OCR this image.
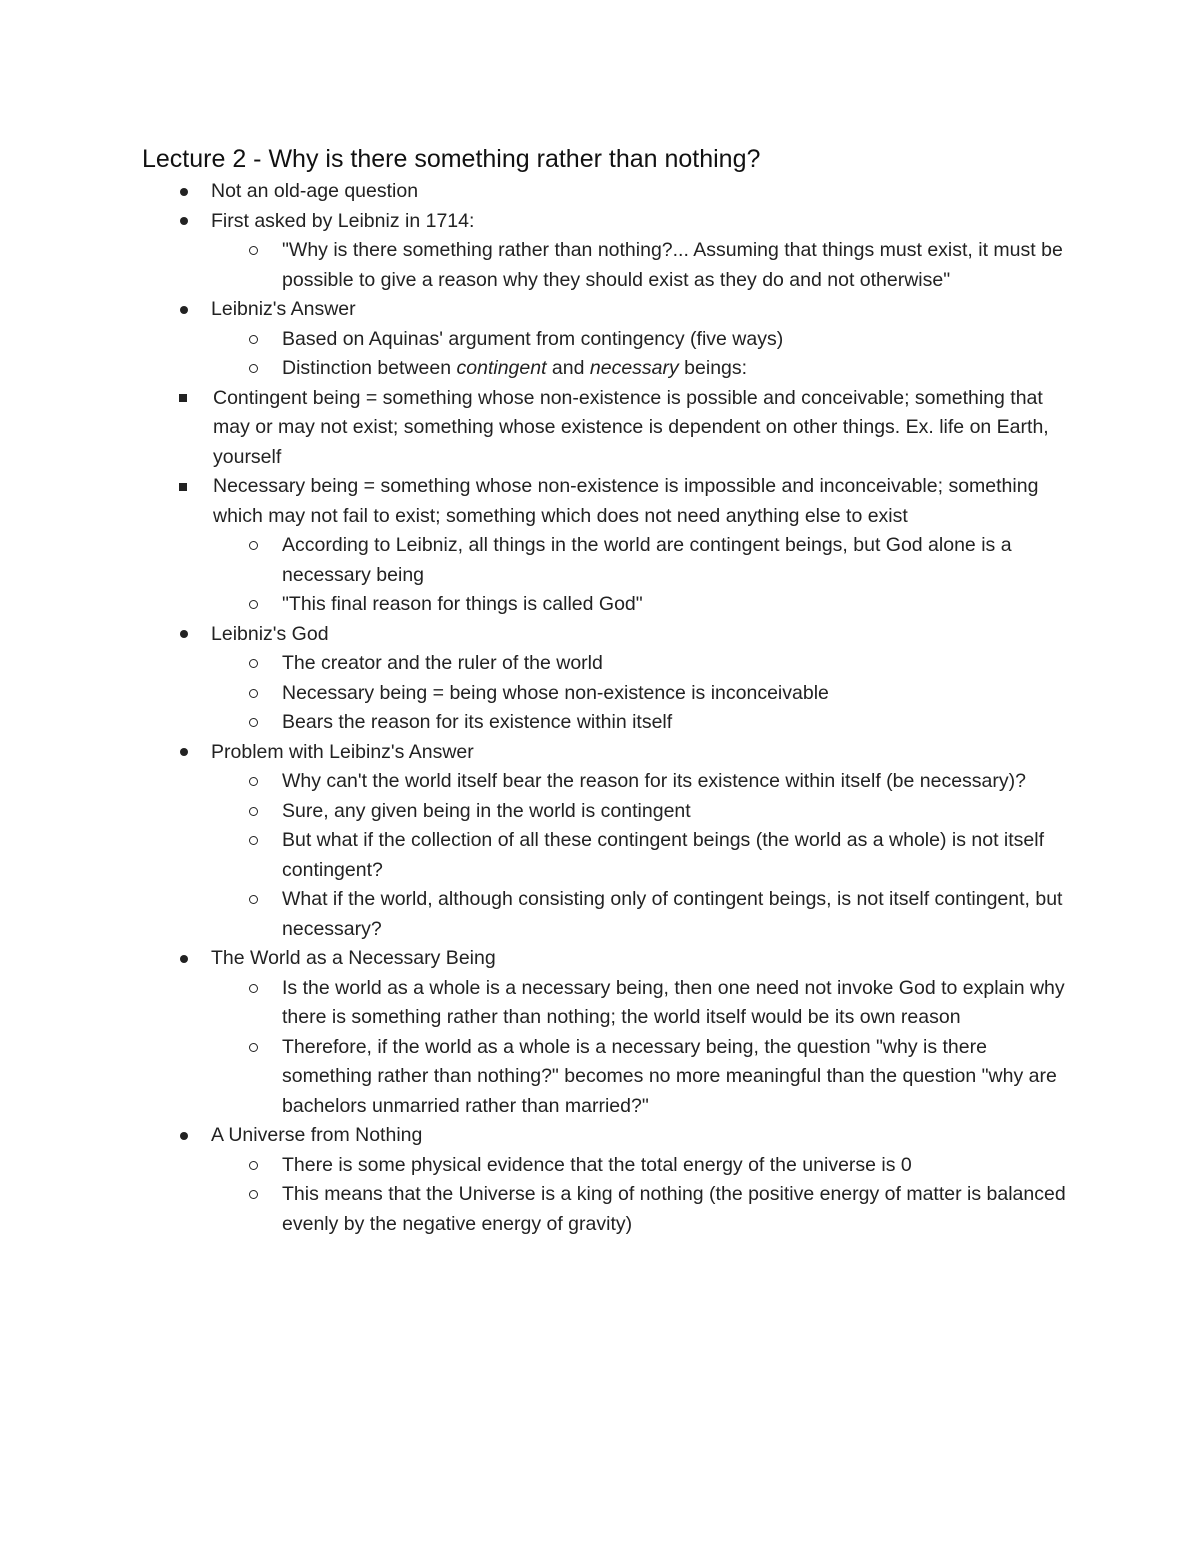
Lecture 2 - Why is there something rather than nothing?
Not an old-age question
First asked by Leibniz in 1714:
"Why is there something rather than nothing?... Assuming that things must exist, it must be possible to give a reason why they should exist as they do and not otherwise"
Leibniz's Answer
Based on Aquinas' argument from contingency (five ways)
Distinction between contingent and necessary beings:
Contingent being = something whose non-existence is possible and conceivable; something that may or may not exist; something whose existence is dependent on other things. Ex. life on Earth, yourself
Necessary being = something whose non-existence is impossible and inconceivable; something which may not fail to exist; something which does not need anything else to exist
According to Leibniz, all things in the world are contingent beings, but God alone is a necessary being
"This final reason for things is called God"
Leibniz's God
The creator and the ruler of the world
Necessary being = being whose non-existence is inconceivable
Bears the reason for its existence within itself
Problem with Leibinz's Answer
Why can't the world itself bear the reason for its existence within itself (be necessary)?
Sure, any given being in the world is contingent
But what if the collection of all these contingent beings (the world as a whole) is not itself contingent?
What if the world, although consisting only of contingent beings, is not itself contingent, but necessary?
The World as a Necessary Being
Is the world as a whole is a necessary being, then one need not invoke God to explain why there is something rather than nothing; the world itself would be its own reason
Therefore, if the world as a whole is a necessary being, the question "why is there something rather than nothing?" becomes no more meaningful than the question "why are bachelors unmarried rather than married?"
A Universe from Nothing
There is some physical evidence that the total energy of the universe is 0
This means that the Universe is a king of nothing (the positive energy of matter is balanced evenly by the negative energy of gravity)
